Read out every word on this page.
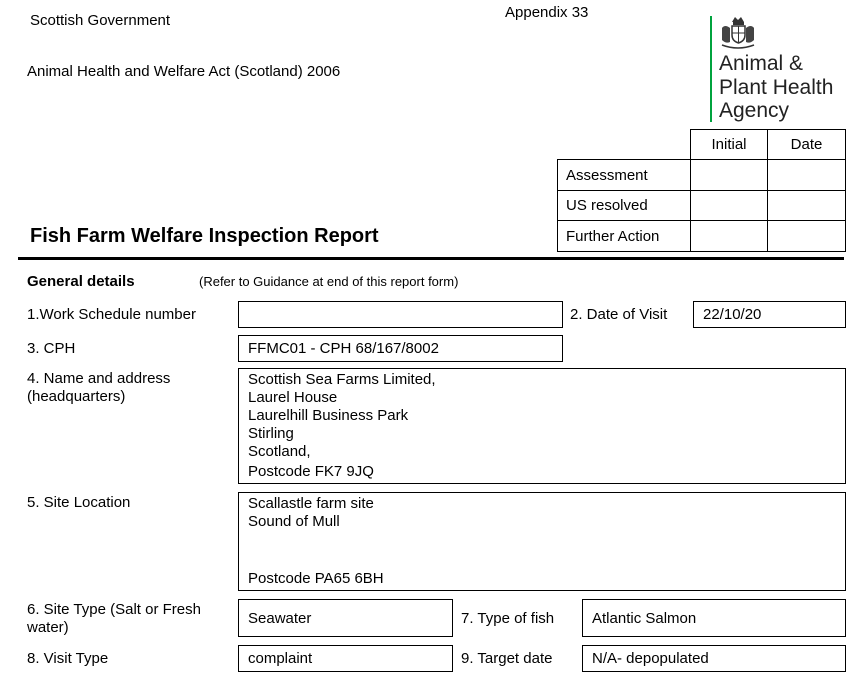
Scottish Government
Animal Health and Welfare Act (Scotland) 2006
Appendix 33
Animal &
Plant Health
Agency
	Initial	Date
Assessment		
US resolved		
Further Action		
Fish Farm Welfare Inspection Report
General details	(Refer to Guidance at end of this report form)
1.Work Schedule number	2. Date of Visit 22/10/20
3. CPH	FFMC01 - CPH 68/167/8002
4. Name and address
(headquarters)
Scottish Sea Farms Limited,
Laurel House
Laurelhill Business Park
Stirling
Scotland,
Postcode FK7 9JQ
5. Site Location	Scallastle farm site
Sound of Mull
Postcode PA65 6BH
6. Site Type (Salt or Fresh
water)
Seawater	7. Type of fish	Atlantic Salmon
8. Visit Type	complaint	9. Target date	N/A- depopulated
